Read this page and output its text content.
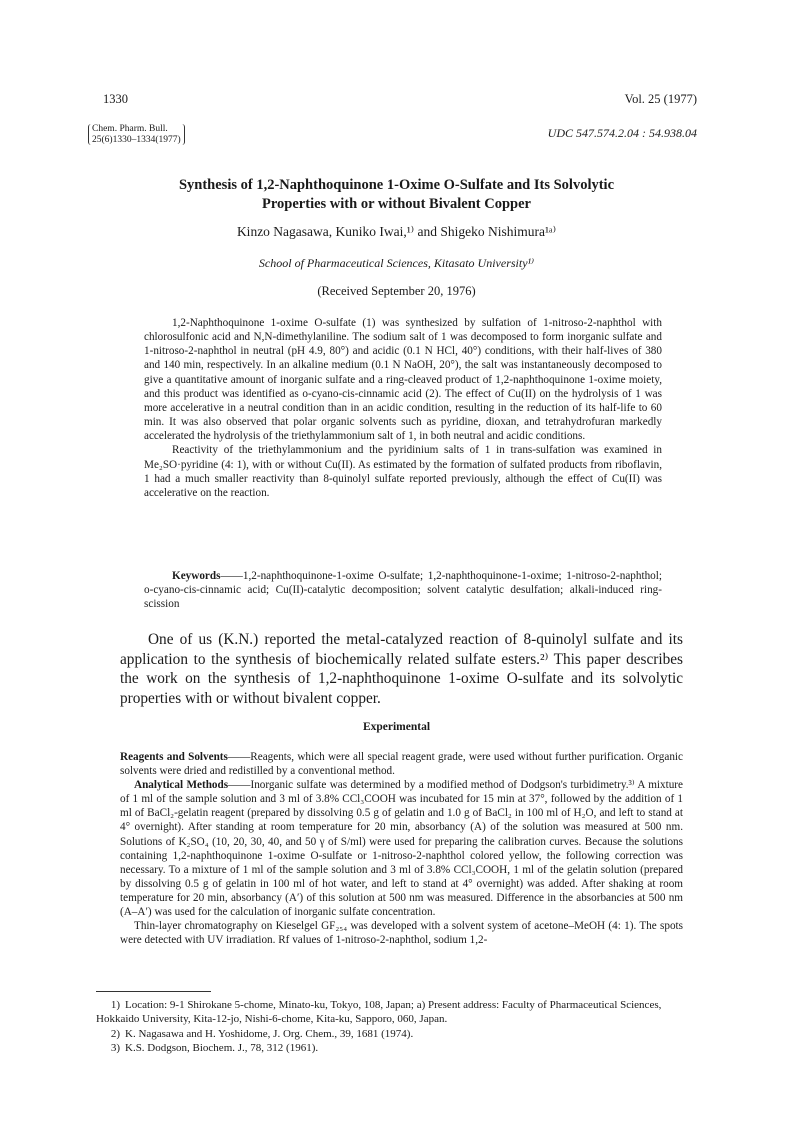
1330	Vol. 25 (1977)
Chem. Pharm. Bull.
25(6)1330–1334(1977)	UDC 547.574.2.04 : 54.938.04
Synthesis of 1,2-Naphthoquinone 1-Oxime O-Sulfate and Its Solvolytic
Properties with or without Bivalent Copper
Kinzo Nagasawa, Kuniko Iwai,¹⁾ and Shigeko Nishimura¹ᵃ⁾
School of Pharmaceutical Sciences, Kitasato University¹⁾
(Received September 20, 1976)

1,2-Naphthoquinone 1-oxime O-sulfate (1) was synthesized by sulfation of 1-nitroso-2-naphthol with chlorosulfonic acid and N,N-dimethylaniline. The sodium salt of 1 was decomposed to form inorganic sulfate and 1-nitroso-2-naphthol in neutral (pH 4.9, 80°) and acidic (0.1 N HCl, 40°) conditions, with their half-lives of 380 and 140 min, respectively. In an alkaline medium (0.1 N NaOH, 20°), the salt was instantaneously decomposed to give a quantitative amount of inorganic sulfate and a ring-cleaved product of 1,2-naphthoquinone 1-oxime moiety, and this product was identified as o-cyano-cis-cinnamic acid (2). The effect of Cu(II) on the hydrolysis of 1 was more accelerative in a neutral condition than in an acidic condition, resulting in the reduction of its half-life to 60 min. It was also observed that polar organic solvents such as pyridine, dioxan, and tetrahydrofuran markedly accelerated the hydrolysis of the triethylammonium salt of 1, in both neutral and acidic conditions.

Reactivity of the triethylammonium and the pyridinium salts of 1 in trans-sulfation was examined in Me₂SO·pyridine (4: 1), with or without Cu(II). As estimated by the formation of sulfated products from riboflavin, 1 had a much smaller reactivity than 8-quinolyl sulfate reported previously, although the effect of Cu(II) was accelerative on the reaction.

Keywords——1,2-naphthoquinone-1-oxime O-sulfate; 1,2-naphthoquinone-1-oxime; 1-nitroso-2-naphthol; o-cyano-cis-cinnamic acid; Cu(II)-catalytic decomposition; solvent catalytic desulfation; alkali-induced ring-scission
One of us (K.N.) reported the metal-catalyzed reaction of 8-quinolyl sulfate and its application to the synthesis of biochemically related sulfate esters.²⁾ This paper describes the work on the synthesis of 1,2-naphthoquinone 1-oxime O-sulfate and its solvolytic properties with or without bivalent copper.
Experimental

Reagents and Solvents——Reagents, which were all special reagent grade, were used without further purification. Organic solvents were dried and redistilled by a conventional method.

Analytical Methods——Inorganic sulfate was determined by a modified method of Dodgson's turbidimetry.³⁾ A mixture of 1 ml of the sample solution and 3 ml of 3.8% CCl₃COOH was incubated for 15 min at 37°, followed by the addition of 1 ml of BaCl₂-gelatin reagent (prepared by dissolving 0.5 g of gelatin and 1.0 g of BaCl₂ in 100 ml of H₂O, and left to stand at 4° overnight). After standing at room temperature for 20 min, absorbancy (A) of the solution was measured at 500 nm. Solutions of K₂SO₄ (10, 20, 30, 40, and 50 γ of S/ml) were used for preparing the calibration curves. Because the solutions containing 1,2-naphthoquinone 1-oxime O-sulfate or 1-nitroso-2-naphthol colored yellow, the following correction was necessary. To a mixture of 1 ml of the sample solution and 3 ml of 3.8% CCl₃COOH, 1 ml of the gelatin solution (prepared by dissolving 0.5 g of gelatin in 100 ml of hot water, and left to stand at 4° overnight) was added. After shaking at room temperature for 20 min, absorbancy (A′) of this solution at 500 nm was measured. Difference in the absorbancies at 500 nm (A–A′) was used for the calculation of inorganic sulfate concentration.

Thin-layer chromatography on Kieselgel GF₂₅₄ was developed with a solvent system of acetone–MeOH (4: 1). The spots were detected with UV irradiation. Rf values of 1-nitroso-2-naphthol, sodium 1,2-

1) Location: 9-1 Shirokane 5-chome, Minato-ku, Tokyo, 108, Japan; a) Present address: Faculty of Pharmaceutical Sciences, Hokkaido University, Kita-12-jo, Nishi-6-chome, Kita-ku, Sapporo, 060, Japan.
2) K. Nagasawa and H. Yoshidome, J. Org. Chem., 39, 1681 (1974).
3) K.S. Dodgson, Biochem. J., 78, 312 (1961).
